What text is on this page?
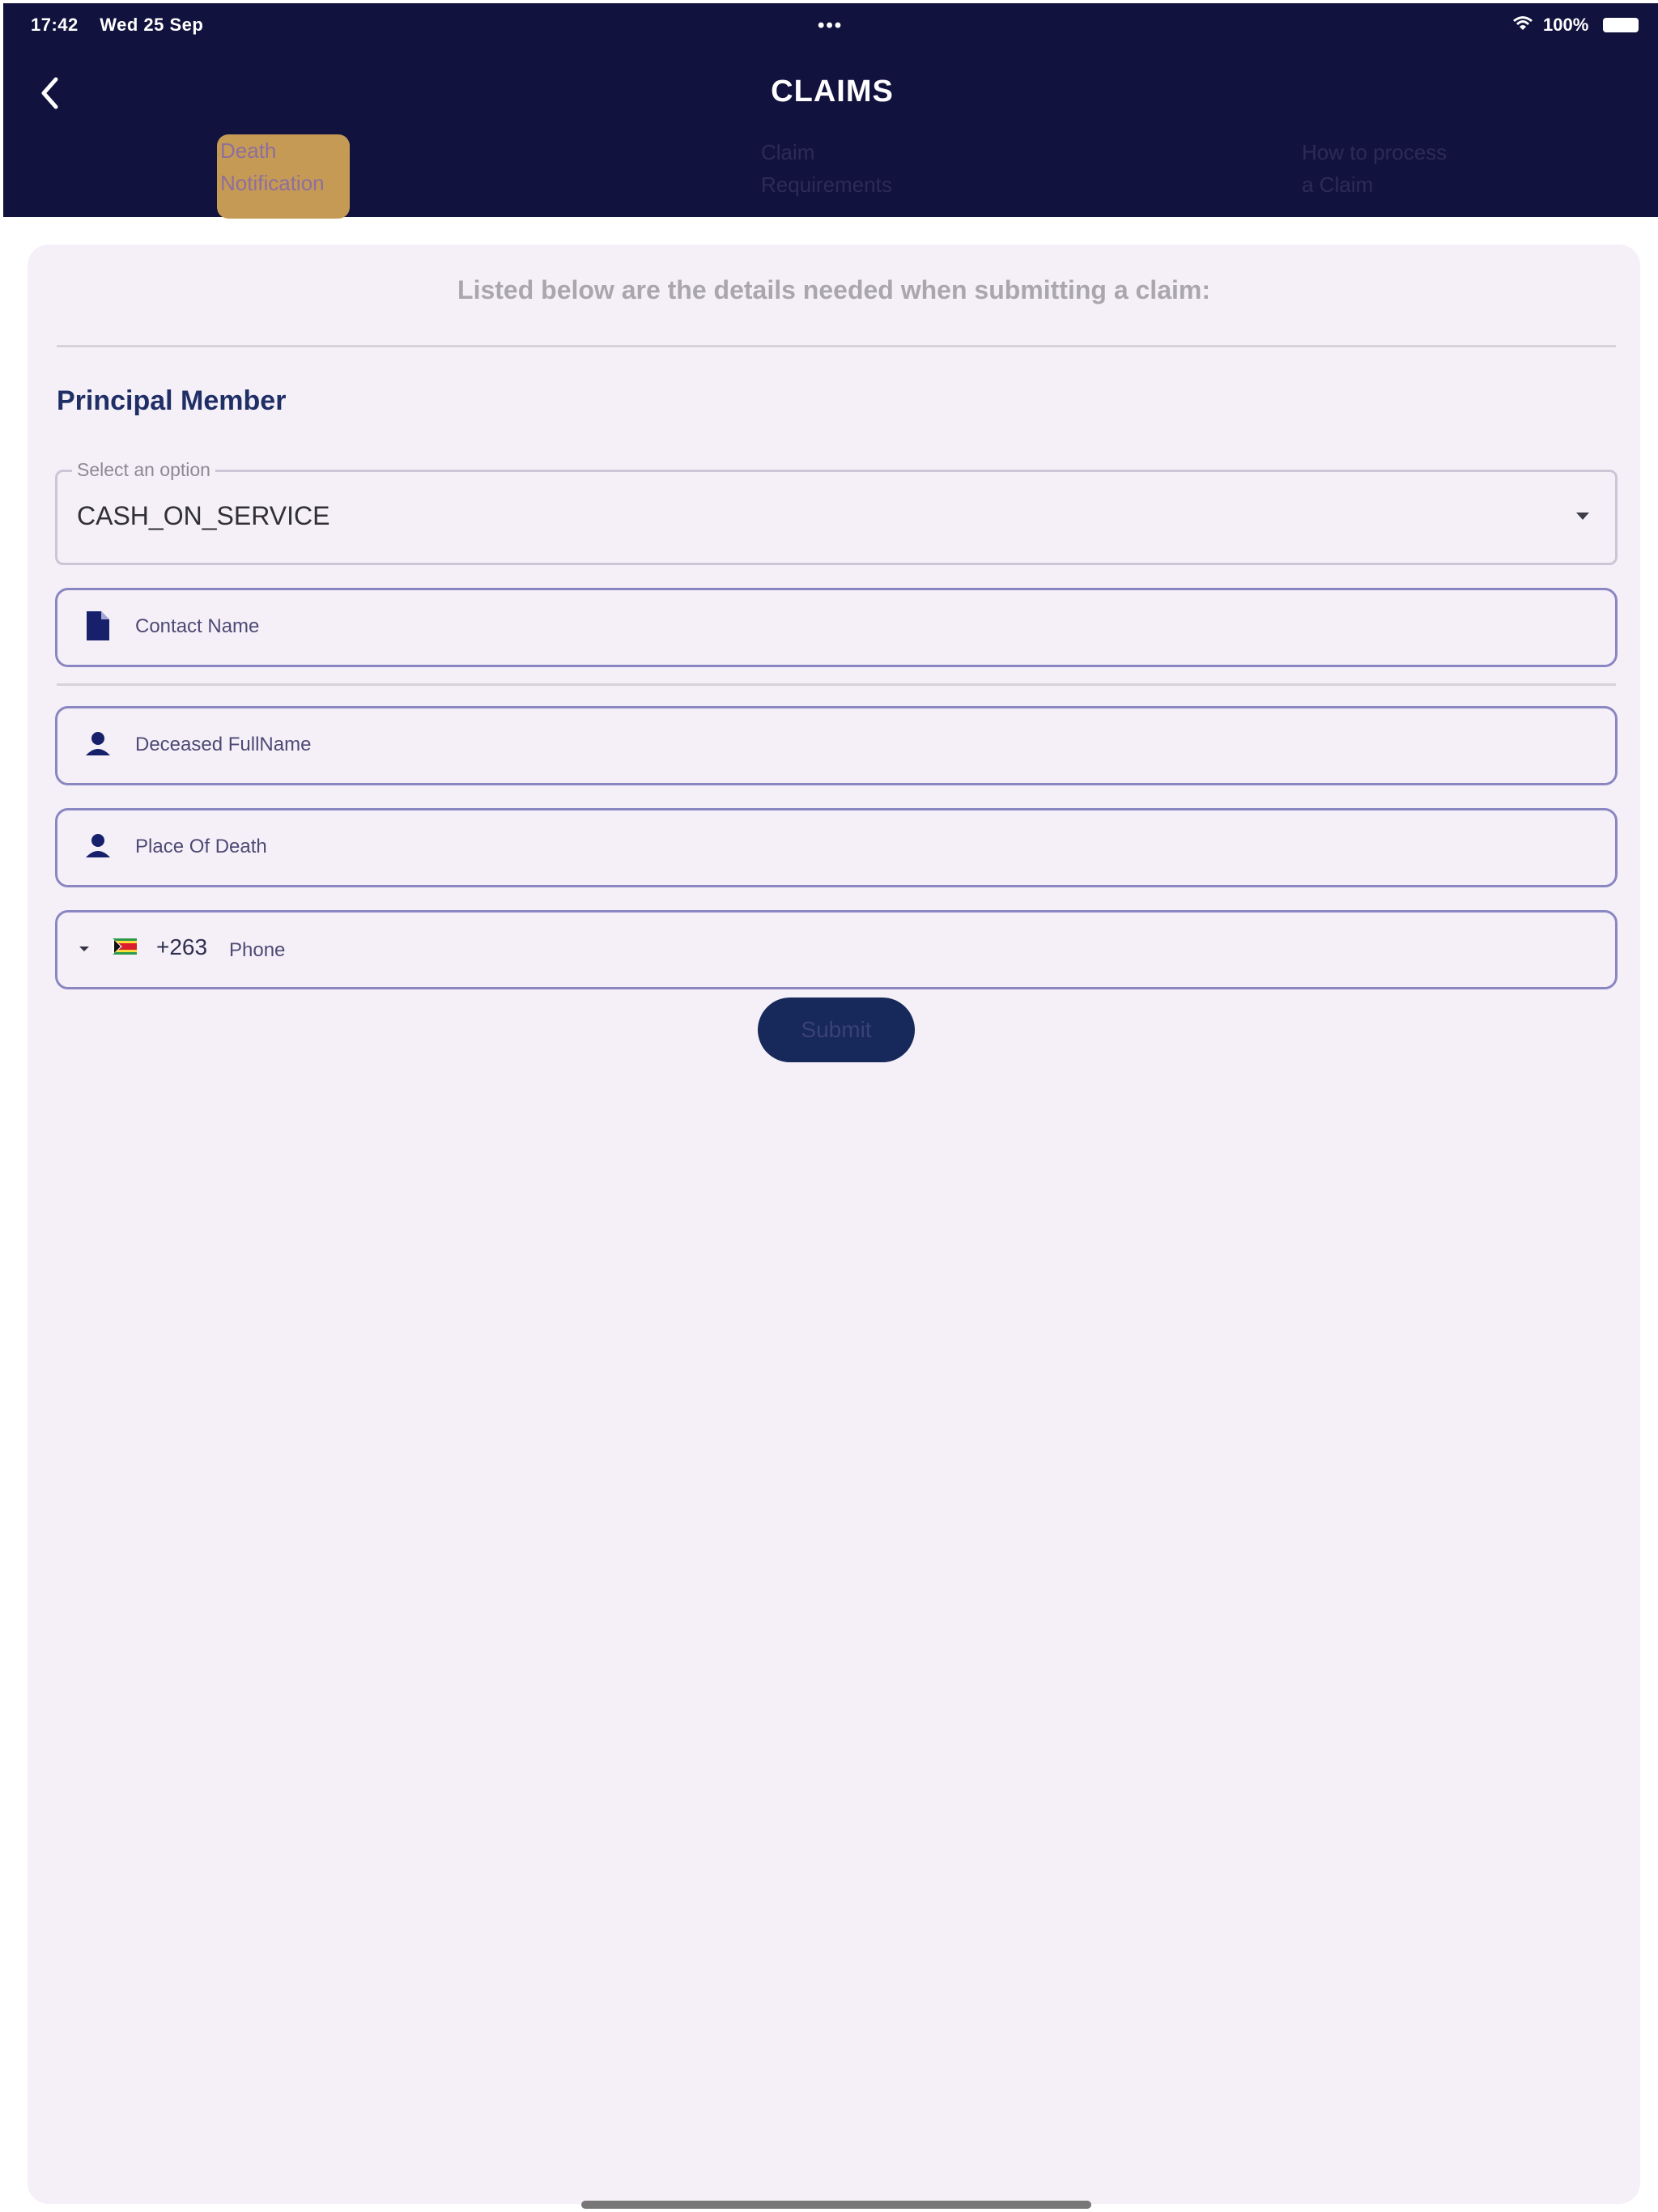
17:42 Wed 25 Sep	•••	100%
CLAIMS
Death
Notification
Claim
Requirements
How to process
a Claim
Listed below are the details needed when submitting a claim:
Principal Member
Select an option
CASH_ON_SERVICE
Contact Name
Deceased FullName
Place Of Death
+263 Phone
Submit
